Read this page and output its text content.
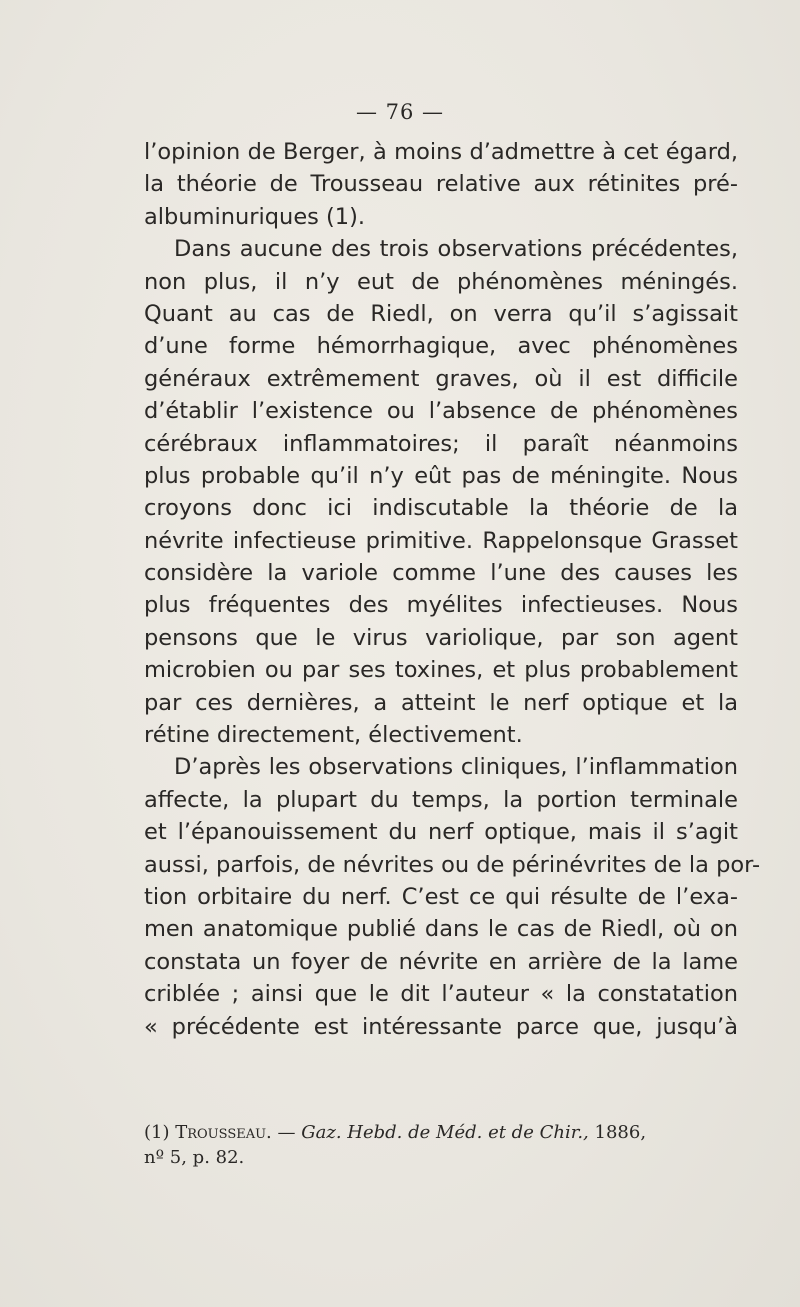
— 76 —
l’opinion de Berger, à moins d’admettre à cet égard,
la théorie de Trousseau relative aux rétinites pré-
albuminuriques (1).
Dans aucune des trois observations précédentes,
non plus, il n’y eut de phénomènes méningés.
Quant au cas de Riedl, on verra qu’il s’agissait
d’une forme hémorrhagique, avec phénomènes
généraux extrêmement graves, où il est difficile
d’établir l’existence ou l’absence de phénomènes
cérébraux inflammatoires; il paraît néanmoins
plus probable qu’il n’y eût pas de méningite. Nous
croyons donc ici indiscutable la théorie de la
névrite infectieuse primitive. Rappelonsque Grasset
considère la variole comme l’une des causes les
plus fréquentes des myélites infectieuses. Nous
pensons que le virus variolique, par son agent
microbien ou par ses toxines, et plus probablement
par ces dernières, a atteint le nerf optique et la
rétine directement, électivement.
D’après les observations cliniques, l’inflammation
affecte, la plupart du temps, la portion terminale
et l’épanouissement du nerf optique, mais il s’agit
aussi, parfois, de névrites ou de périnévrites de la por-
tion orbitaire du nerf. C’est ce qui résulte de l’exa-
men anatomique publié dans le cas de Riedl, où on
constata un foyer de névrite en arrière de la lame
criblée ; ainsi que le dit l’auteur « la constatation
« précédente est intéressante parce que, jusqu’à
(1) Trousseau. — Gaz. Hebd. de Méd. et de Chir., 1886,
nº 5, p. 82.
